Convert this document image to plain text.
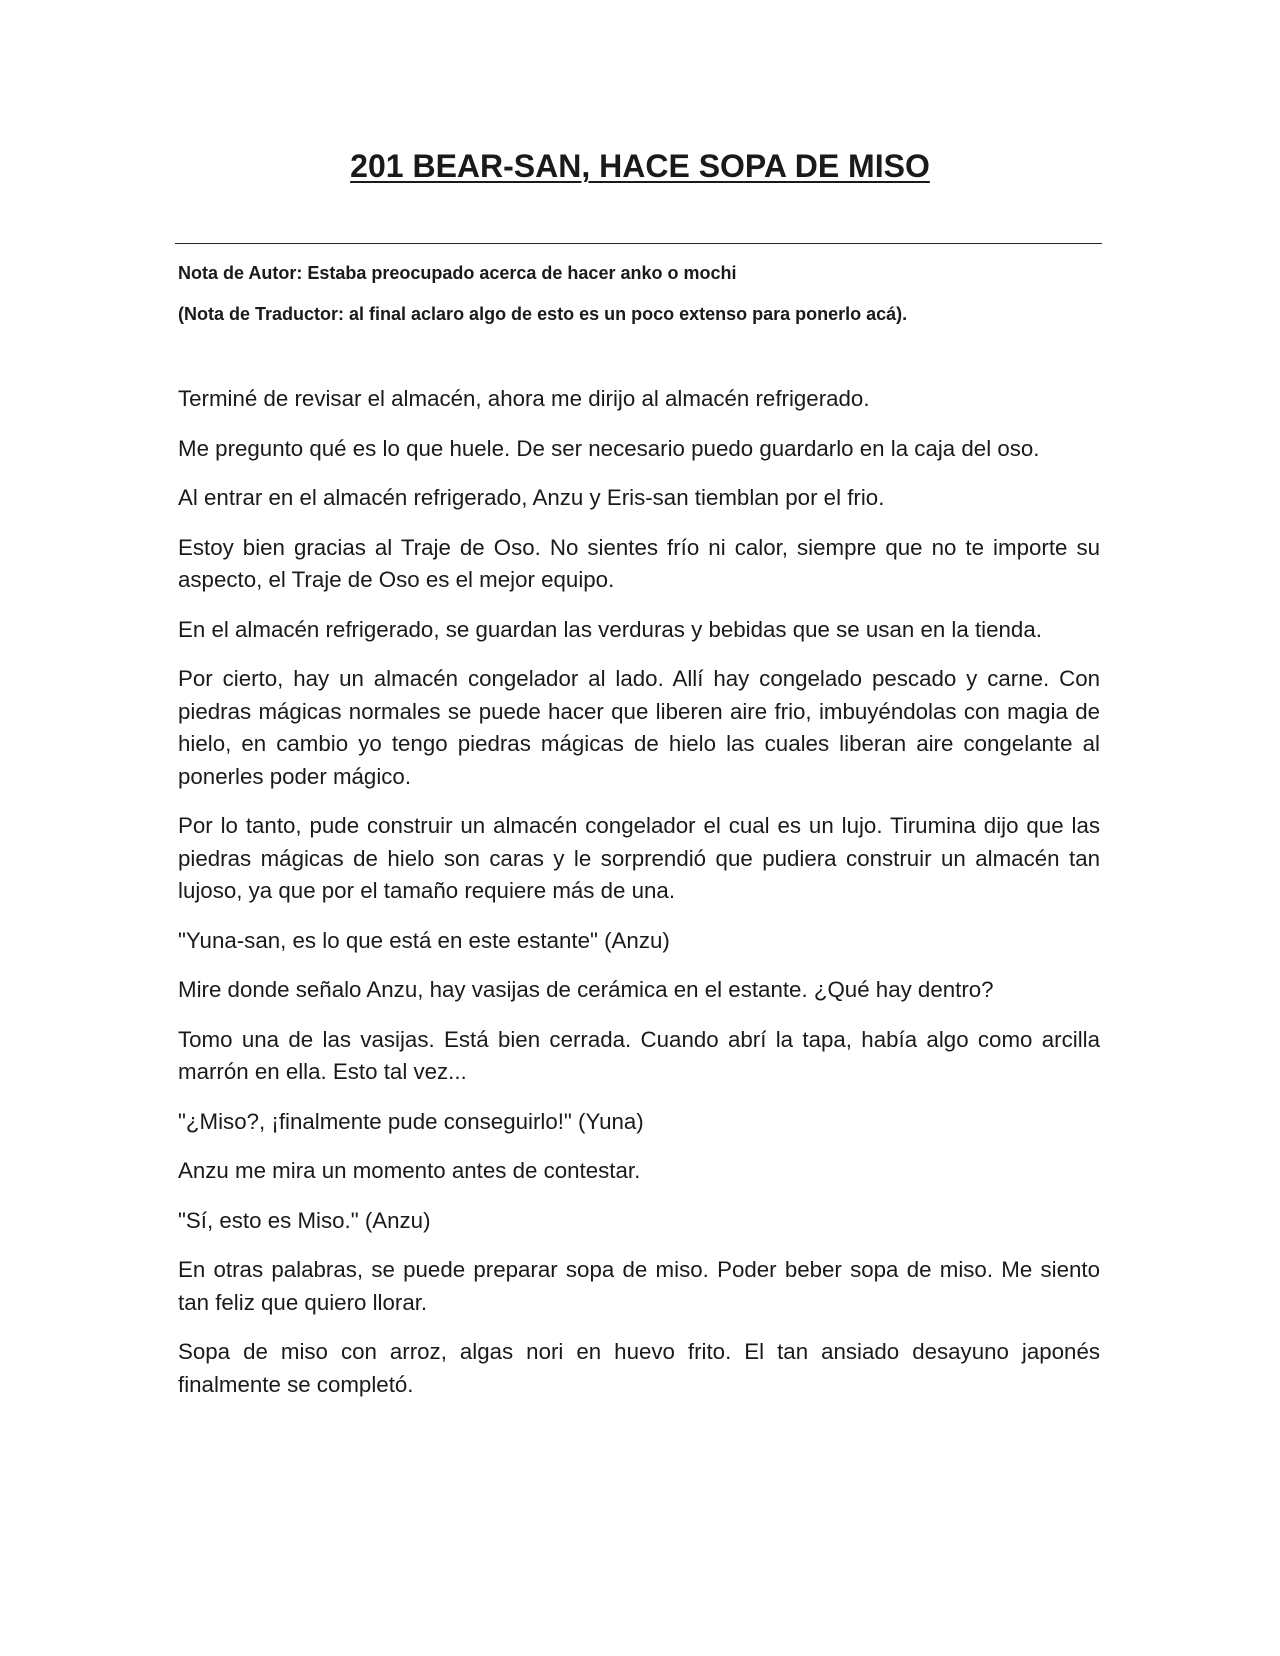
201 BEAR-SAN, HACE SOPA DE MISO

Nota de Autor: Estaba preocupado acerca de hacer anko o mochi

(Nota de Traductor: al final aclaro algo de esto es un poco extenso para ponerlo acá).

Terminé de revisar el almacén, ahora me dirijo al almacén refrigerado.

Me pregunto qué es lo que huele. De ser necesario puedo guardarlo en la caja del oso.

Al entrar en el almacén refrigerado, Anzu y Eris-san tiemblan por el frio.

Estoy bien gracias al Traje de Oso. No sientes frío ni calor, siempre que no te importe su aspecto, el Traje de Oso es el mejor equipo.

En el almacén refrigerado, se guardan las verduras y bebidas que se usan en la tienda.

Por cierto, hay un almacén congelador al lado. Allí hay congelado pescado y carne. Con piedras mágicas normales se puede hacer que liberen aire frio, imbuyéndolas con magia de hielo, en cambio yo tengo piedras mágicas de hielo las cuales liberan aire congelante al ponerles poder mágico.

Por lo tanto, pude construir un almacén congelador el cual es un lujo. Tirumina dijo que las piedras mágicas de hielo son caras y le sorprendió que pudiera construir un almacén tan lujoso, ya que por el tamaño requiere más de una.

"Yuna-san, es lo que está en este estante" (Anzu)

Mire donde señalo Anzu, hay vasijas de cerámica en el estante. ¿Qué hay dentro?

Tomo una de las vasijas. Está bien cerrada. Cuando abrí la tapa, había algo como arcilla marrón en ella. Esto tal vez...

"¿Miso?, ¡finalmente pude conseguirlo!" (Yuna)

Anzu me mira un momento antes de contestar.

"Sí, esto es Miso." (Anzu)

En otras palabras, se puede preparar sopa de miso. Poder beber sopa de miso. Me siento tan feliz que quiero llorar.

Sopa de miso con arroz, algas nori en huevo frito. El tan ansiado desayuno japonés finalmente se completó.
